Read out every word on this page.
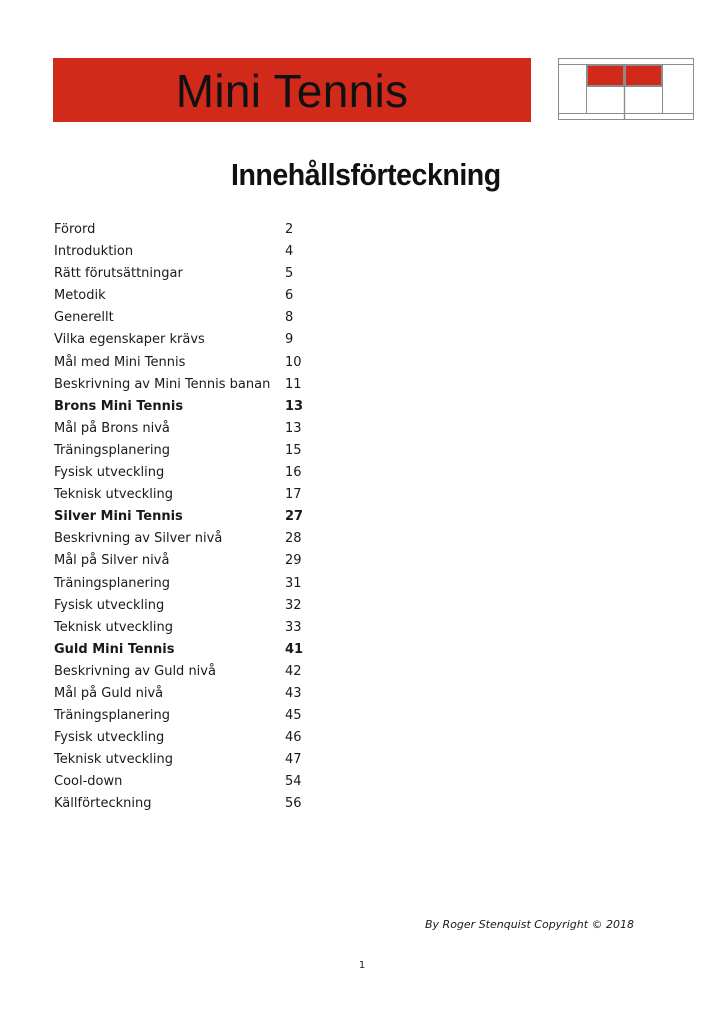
Mini Tennis
Innehållsförteckning
Förord	2
Introduktion	4
Rätt förutsättningar	5
Metodik	6
Generellt	8
Vilka egenskaper krävs	9
Mål med Mini Tennis	10
Beskrivning av Mini Tennis banan 11
Brons Mini Tennis	13
Mål på Brons nivå	13
Träningsplanering	15
Fysisk utveckling	16
Teknisk utveckling	17
Silver Mini Tennis	27
Beskrivning av Silver nivå	28
Mål på Silver nivå	29
Träningsplanering	31
Fysisk utveckling	32
Teknisk utveckling	33
Guld Mini Tennis	41
Beskrivning av Guld nivå	42
Mål på Guld nivå	43
Träningsplanering	45
Fysisk utveckling	46
Teknisk utveckling	47
Cool-down	54
Källförteckning	56
By Roger Stenquist Copyright © 2018
1
